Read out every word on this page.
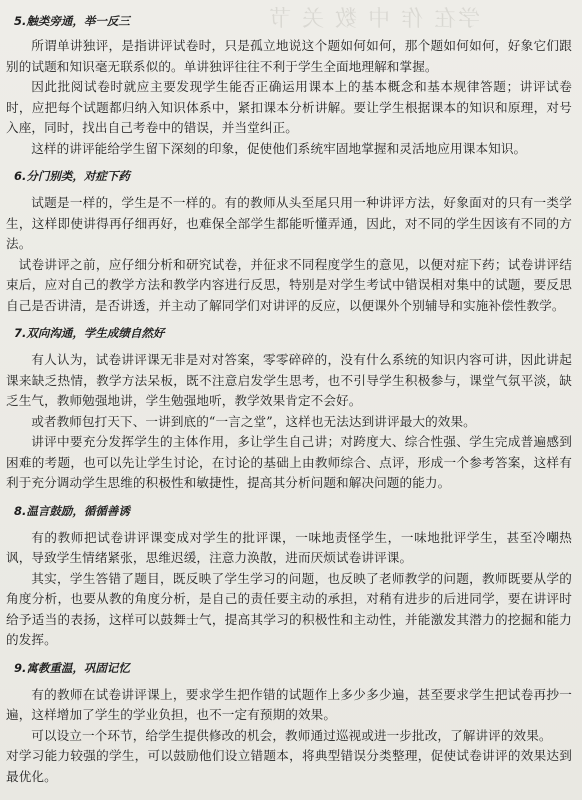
学在 作 中 数 关 节

5.触类旁通，举一反三

所谓单讲独评，是指讲评试卷时，只是孤立地说这个题如何如何，那个题如何如何，好象它们跟别的试题和知识毫无联系似的。单讲独评往往不利于学生全面地理解和掌握。

因此批阅试卷时就应主要发现学生能否正确运用课本上的基本概念和基本规律答题；讲评试卷时，应把每个试题都归纳入知识体系中，紧扣课本分析讲解。要让学生根据课本的知识和原理，对号入座，同时，找出自己考卷中的错误，并当堂纠正。

这样的讲评能给学生留下深刻的印象，促使他们系统牢固地掌握和灵活地应用课本知识。

6.分门别类，对症下药

试题是一样的，学生是不一样的。有的教师从头至尾只用一种讲评方法，好象面对的只有一类学生，这样即使讲得再仔细再好，也难保全部学生都能听懂弄通，因此，对不同的学生因该有不同的方法。

试卷讲评之前，应仔细分析和研究试卷，并征求不同程度学生的意见，以便对症下药；试卷讲评结束后，应对自己的教学方法和教学内容进行反思，特别是对学生考试中错误相对集中的试题，要反思自己是否讲清，是否讲透，并主动了解同学们对讲评的反应，以便课外个别辅导和实施补偿性教学。

7.双向沟通，学生成绩自然好

有人认为，试卷讲评课无非是对对答案，零零碎碎的，没有什么系统的知识内容可讲，因此讲起课来缺乏热情，教学方法呆板，既不注意启发学生思考，也不引导学生积极参与，课堂气氛平淡，缺乏生气，教师勉强地讲，学生勉强地听，教学效果肯定不会好。

或者教师包打天下、一讲到底的“一言之堂”，这样也无法达到讲评最大的效果。

讲评中要充分发挥学生的主体作用，多让学生自己讲；对跨度大、综合性强、学生完成普遍感到困难的考题，也可以先让学生讨论，在讨论的基础上由教师综合、点评，形成一个参考答案，这样有利于充分调动学生思维的积极性和敏捷性，提高其分析问题和解决问题的能力。

8.温言鼓励，循循善诱

有的教师把试卷讲评课变成对学生的批评课，一味地责怪学生，一味地批评学生，甚至冷嘲热讽，导致学生情绪紧张，思维迟缓，注意力涣散，进而厌烦试卷讲评课。

其实，学生答错了题目，既反映了学生学习的问题，也反映了老师教学的问题，教师既要从学的角度分析，也要从教的角度分析，是自己的责任要主动的承担，对稍有进步的后进同学，要在讲评时给予适当的表扬，这样可以鼓舞士气，提高其学习的积极性和主动性，并能激发其潜力的挖掘和能力的发挥。

9.寓教重温，巩固记忆

有的教师在试卷讲评课上，要求学生把作错的试题作上多少多少遍，甚至要求学生把试卷再抄一遍，这样增加了学生的学业负担，也不一定有预期的效果。

可以设立一个环节，给学生提供修改的机会，教师通过巡视或进一步批改，了解讲评的效果。

对学习能力较强的学生，可以鼓励他们设立错题本，将典型错误分类整理，促使试卷讲评的效果达到最优化。
